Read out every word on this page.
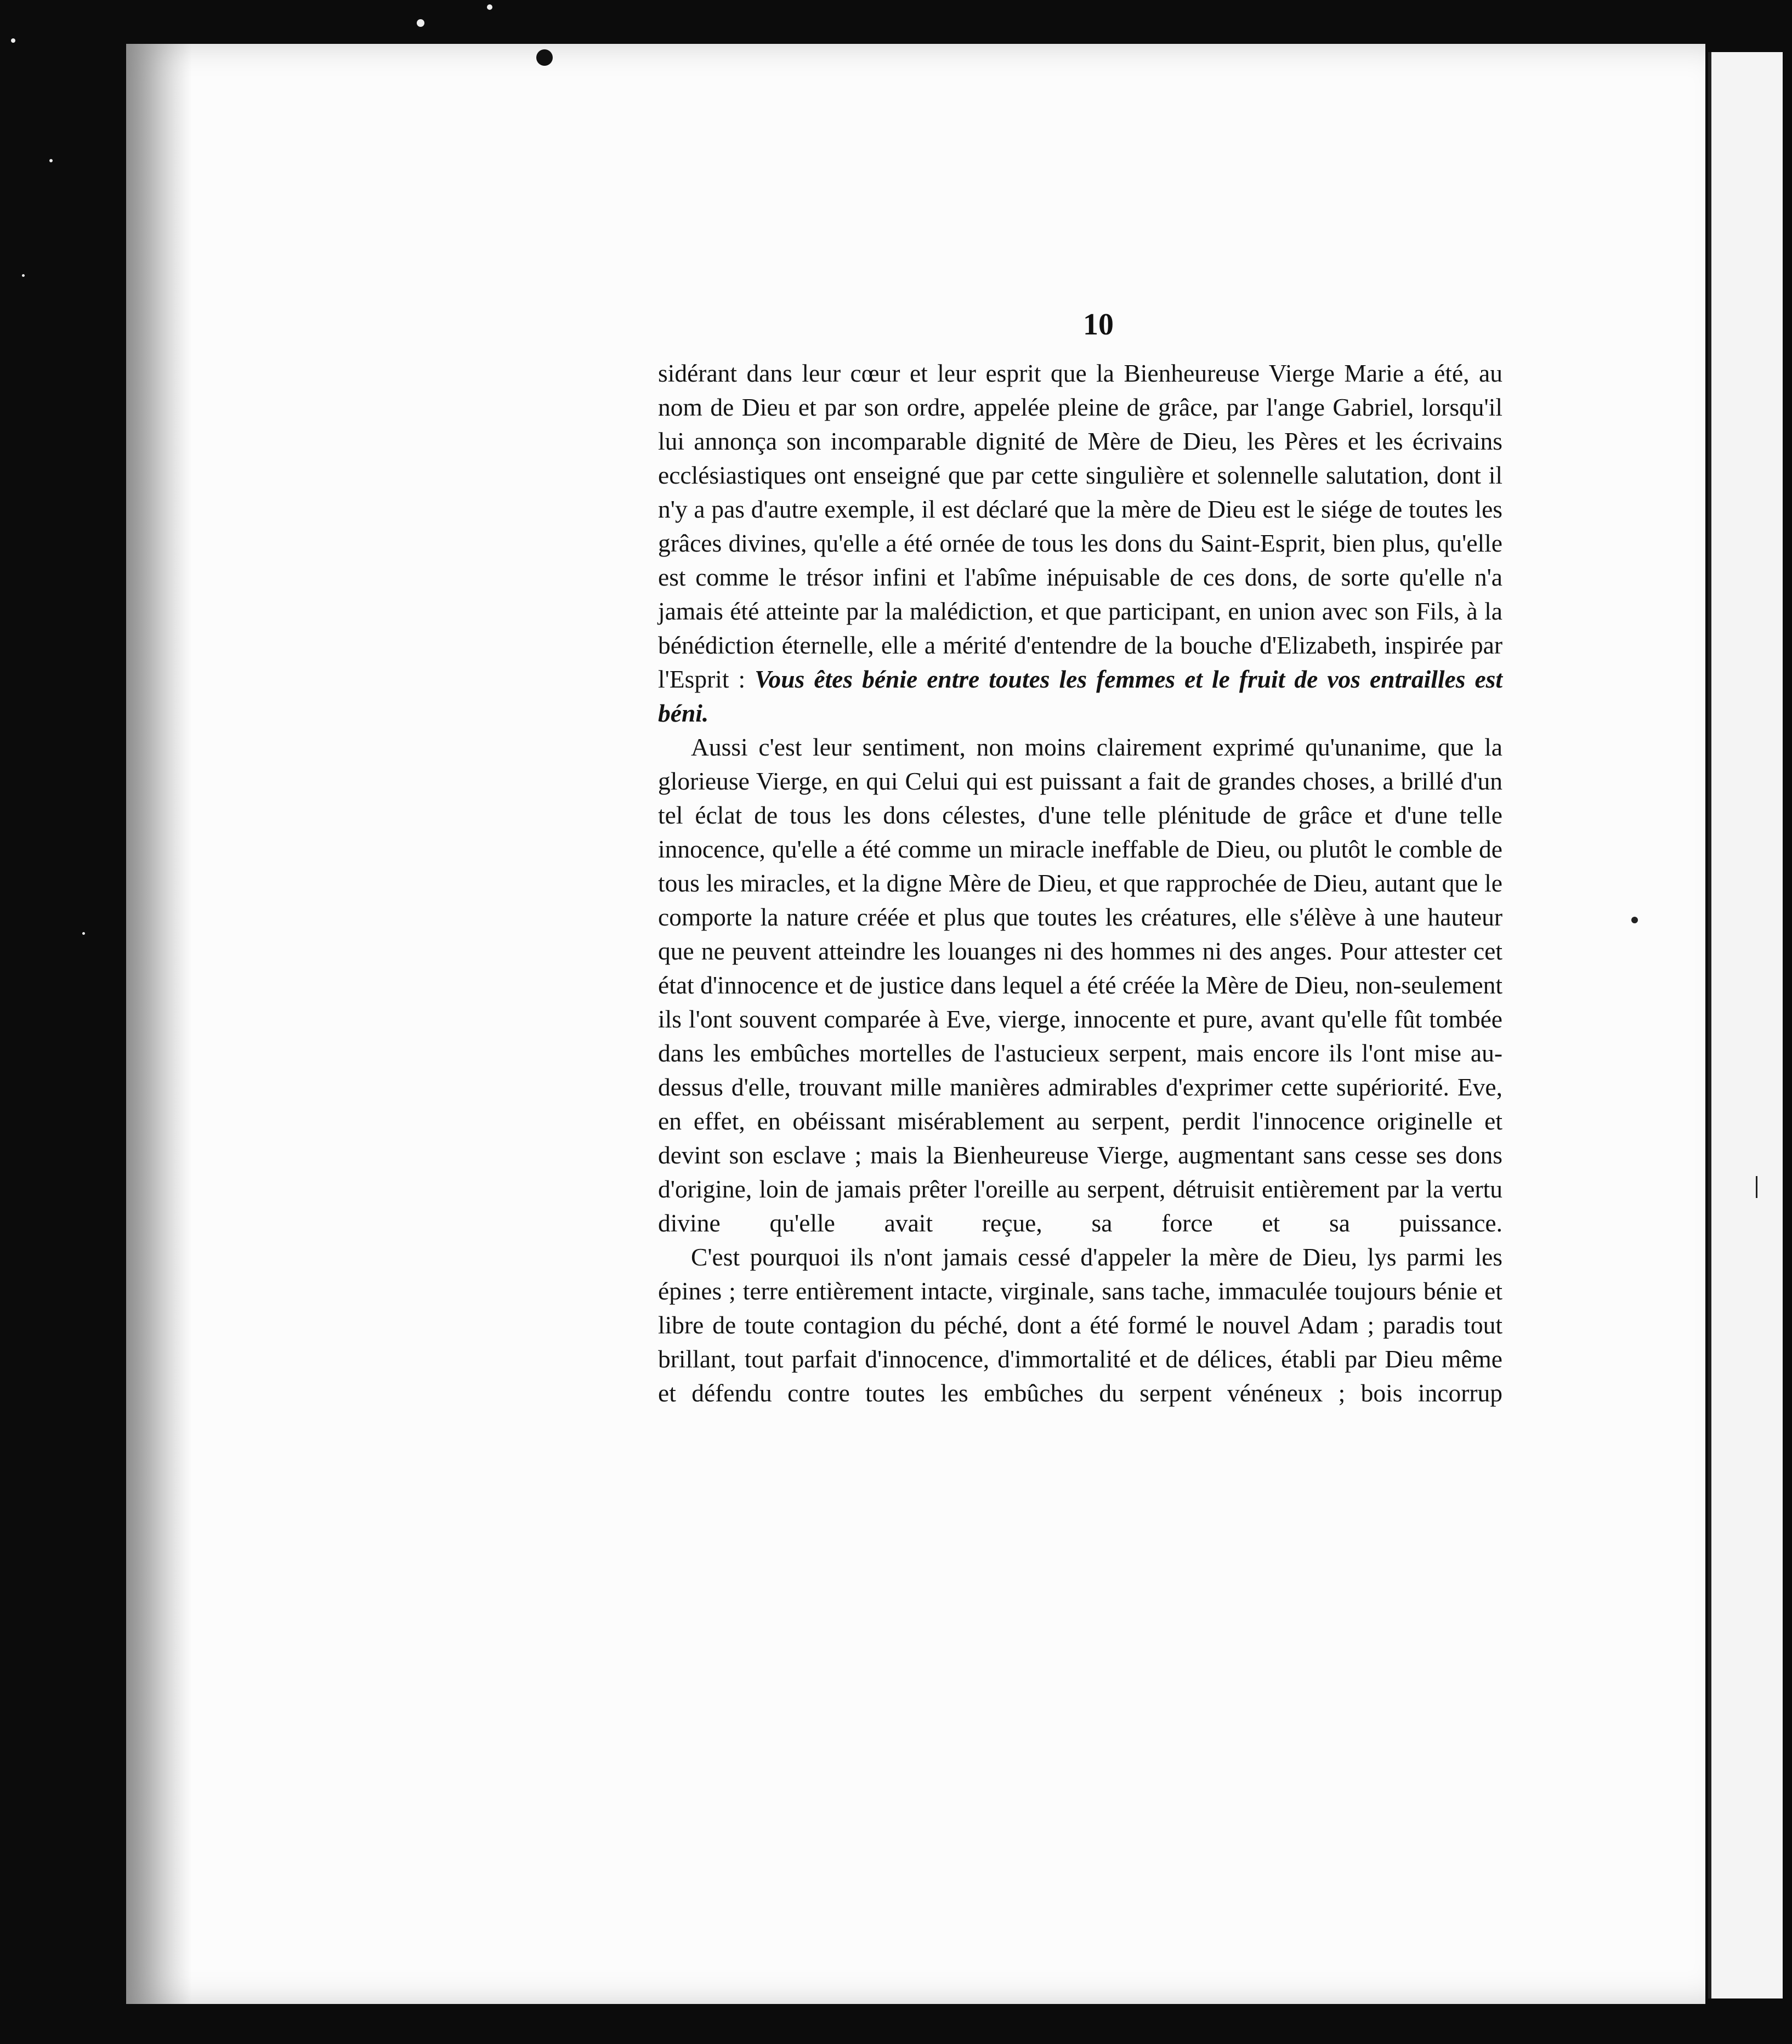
10

sidérant dans leur cœur et leur esprit que la Bienheureuse Vierge Marie a été, au nom de Dieu et par son ordre, appelée pleine de grâce, par l'ange Gabriel, lorsqu'il lui annonça son incomparable dignité de Mère de Dieu, les Pères et les écrivains ecclésiastiques ont enseigné que par cette singulière et solennelle salutation, dont il n'y a pas d'autre exemple, il est déclaré que la mère de Dieu est le siége de toutes les grâces divines, qu'elle a été ornée de tous les dons du Saint-Esprit, bien plus, qu'elle est comme le trésor infini et l'abîme inépuisable de ces dons, de sorte qu'elle n'a jamais été atteinte par la malédiction, et que participant, en union avec son Fils, à la bénédiction éternelle, elle a mérité d'entendre de la bouche d'Elizabeth, inspirée par l'Esprit : Vous êtes bénie entre toutes les femmes et le fruit de vos entrailles est béni.

Aussi c'est leur sentiment, non moins clairement exprimé qu'unanime, que la glorieuse Vierge, en qui Celui qui est puissant a fait de grandes choses, a brillé d'un tel éclat de tous les dons célestes, d'une telle plénitude de grâce et d'une telle innocence, qu'elle a été comme un miracle ineffable de Dieu, ou plutôt le comble de tous les miracles, et la digne Mère de Dieu, et que rapprochée de Dieu, autant que le comporte la nature créée et plus que toutes les créatures, elle s'élève à une hauteur que ne peuvent atteindre les louanges ni des hommes ni des anges. Pour attester cet état d'innocence et de justice dans lequel a été créée la Mère de Dieu, non-seulement ils l'ont souvent comparée à Eve, vierge, innocente et pure, avant qu'elle fût tombée dans les embûches mortelles de l'astucieux serpent, mais encore ils l'ont mise au-dessus d'elle, trouvant mille manières admirables d'exprimer cette supériorité. Eve, en effet, en obéissant misérablement au serpent, perdit l'innocence originelle et devint son esclave ; mais la Bienheureuse Vierge, augmentant sans cesse ses dons d'origine, loin de jamais prêter l'oreille au serpent, détruisit entièrement par la vertu divine qu'elle avait reçue, sa force et sa puissance.

C'est pourquoi ils n'ont jamais cessé d'appeler la mère de Dieu, lys parmi les épines ; terre entièrement intacte, virginale, sans tache, immaculée toujours bénie et libre de toute contagion du péché, dont a été formé le nouvel Adam ; paradis tout brillant, tout parfait d'innocence, d'immortalité et de délices, établi par Dieu même et défendu contre toutes les embûches du serpent vénéneux ; bois incorrup
